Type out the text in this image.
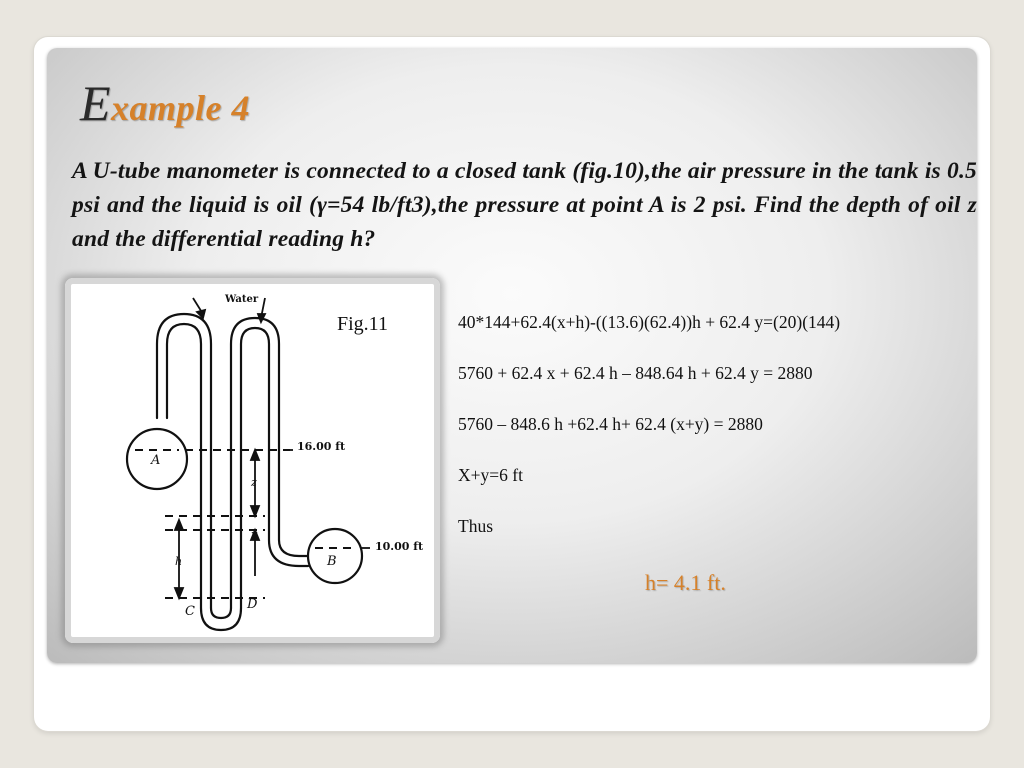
Example 4
A U-tube manometer is connected to a closed tank (fig.10),the air pressure in the tank is 0.5 psi and the liquid is oil (γ=54 lb/ft3),the pressure at point A is 2 psi. Find the depth of oil z and the differential reading h?
Water
16.00 ft
10.00 ft
A
B
C	D
z
y
h
Fig.11	40*144+62.4(x+h)-((13.6)(62.4))h + 62.4 y=(20)(144)
5760 + 62.4 x + 62.4 h – 848.64 h + 62.4 y = 2880
5760 – 848.6 h +62.4 h+ 62.4 (x+y) = 2880
X+y=6 ft
Thus
h= 4.1 ft.
